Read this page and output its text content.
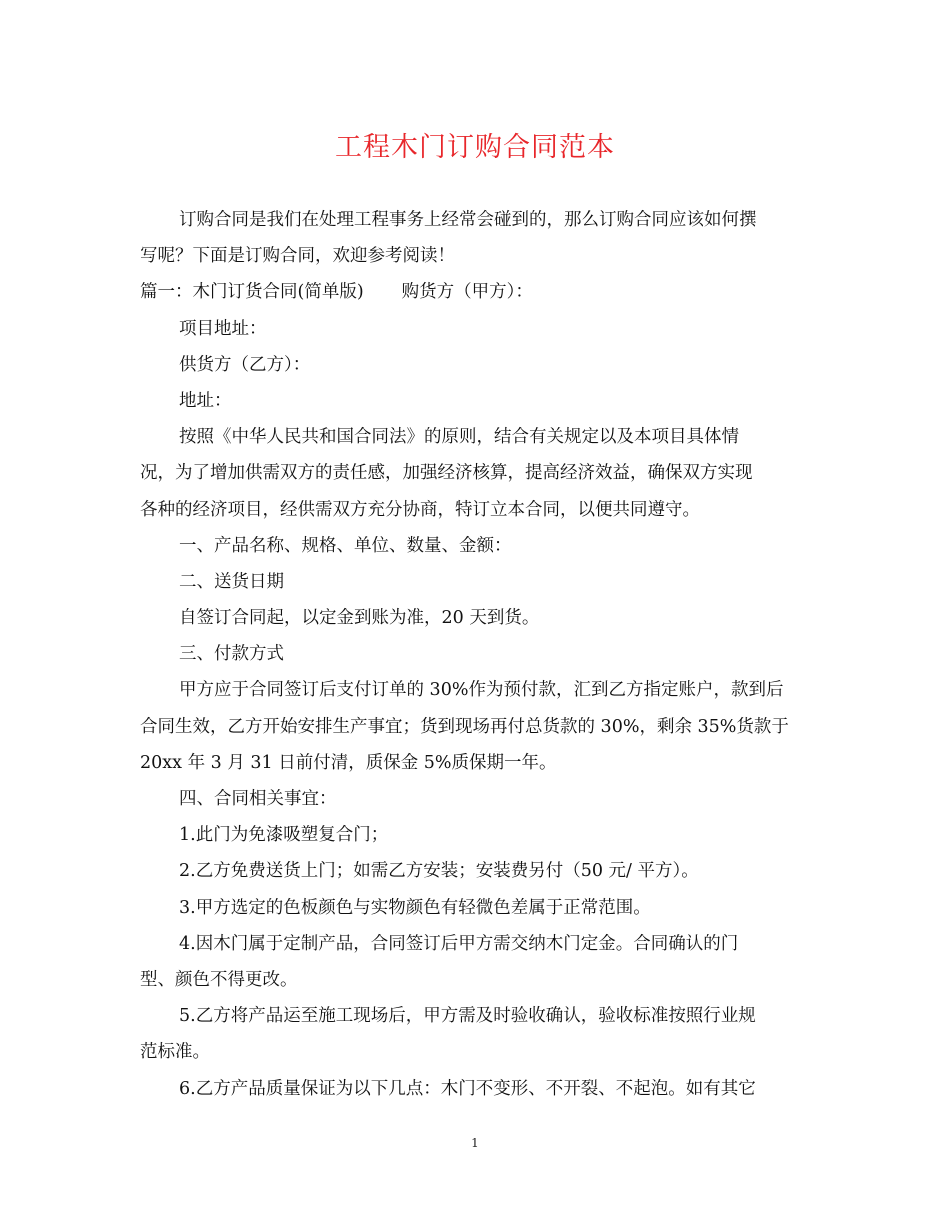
工程木门订购合同范本
订购合同是我们在处理工程事务上经常会碰到的，那么订购合同应该如何撰
写呢？下面是订购合同，欢迎参考阅读！
篇一：木门订货合同(简单版) 购货方（甲方）：
项目地址：
供货方（乙方）：
地址：
按照《中华人民共和国合同法》的原则，结合有关规定以及本项目具体情
况，为了增加供需双方的责任感，加强经济核算，提高经济效益，确保双方实现
各种的经济项目，经供需双方充分协商，特订立本合同，以便共同遵守。
一、产品名称、规格、单位、数量、金额：
二、送货日期
自签订合同起，以定金到账为准，20 天到货。
三、付款方式
甲方应于合同签订后支付订单的 30%作为预付款，汇到乙方指定账户，款到后
合同生效，乙方开始安排生产事宜；货到现场再付总货款的 30%，剩余 35%货款于
20xx 年 3 月 31 日前付清，质保金 5%质保期一年。
四、合同相关事宜：
1.此门为免漆吸塑复合门；
2.乙方免费送货上门；如需乙方安装；安装费另付（50 元/ 平方）。
3.甲方选定的色板颜色与实物颜色有轻微色差属于正常范围。
4.因木门属于定制产品，合同签订后甲方需交纳木门定金。合同确认的门
型、颜色不得更改。
5.乙方将产品运至施工现场后，甲方需及时验收确认，验收标准按照行业规
范标准。
6.乙方产品质量保证为以下几点：木门不变形、不开裂、不起泡。如有其它
1
